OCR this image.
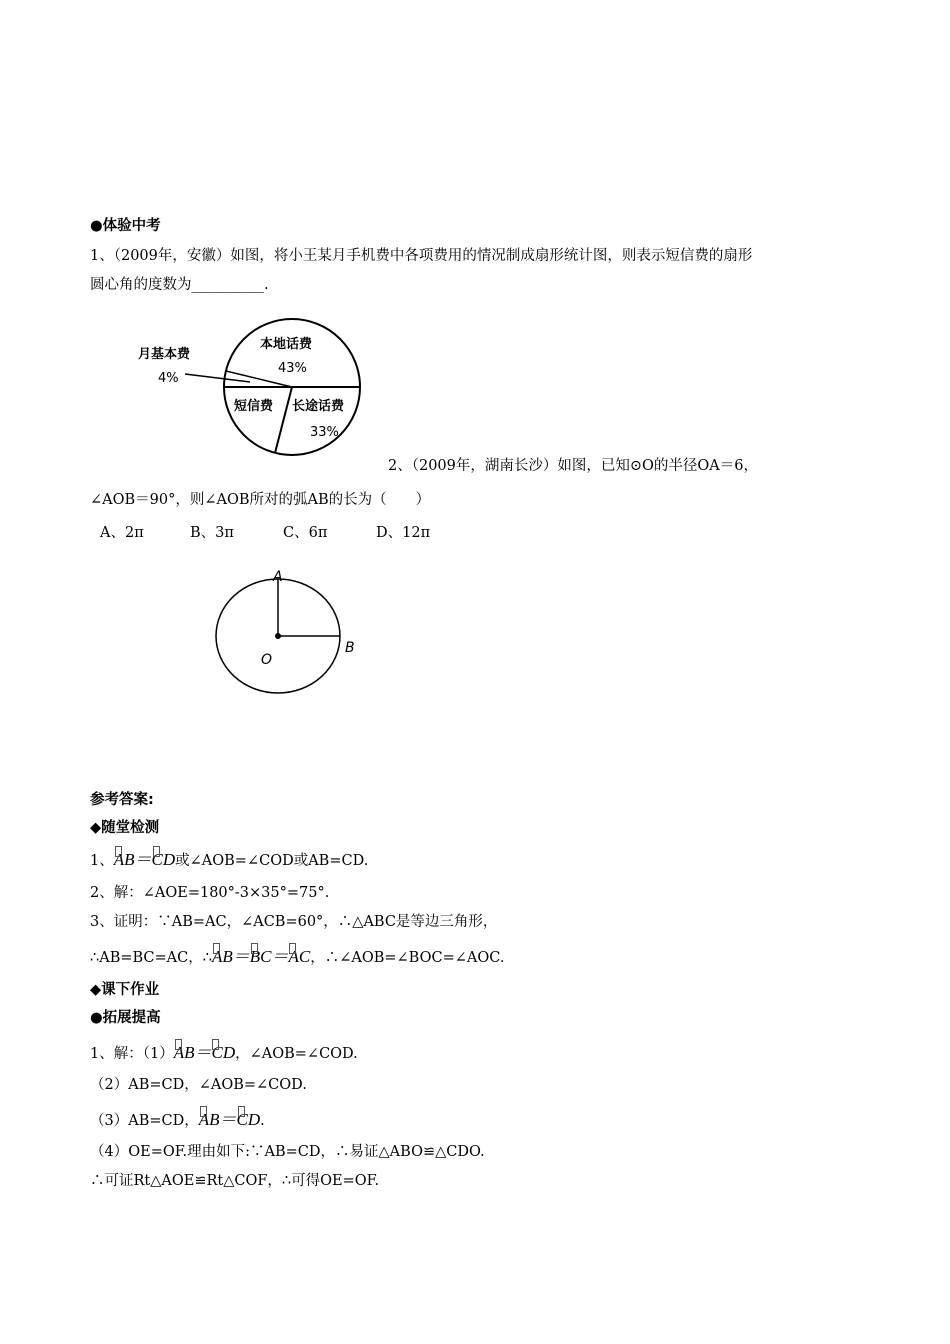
●体验中考
1、（2009年，安徽）如图，将小王某月手机费中各项费用的情况制成扇形统计图，则表示短信费的扇形
圆心角的度数为__________.
本地话费
43%
月基本费
4%
短信费 长途话费
33%
2、（2009年，湖南长沙）如图，已知⊙O的半径OA＝6，
∠AOB＝90°，则∠AOB所对的弧AB的长为（　　）
A、2π	B、3π	C、6π	D、12π
A
B
O
参考答案:
◆随堂检测
1、AB＝CD或∠AOB=∠COD或AB=CD.
2、解：∠AOE=180°-3×35°=75°.
3、证明：∵AB=AC，∠ACB=60°，∴△ABC是等边三角形，
∴AB=BC=AC，∴AB＝BC＝AC，∴∠AOB=∠BOC=∠AOC.
◆课下作业
●拓展提高
1、解：（1）AB＝CD，∠AOB=∠COD.
（2）AB=CD，∠AOB=∠COD.
（3）AB=CD，AB＝CD.
（4）OE=OF.理由如下:∵AB=CD，∴易证△ABO≌△CDO.
∴可证Rt△AOE≌Rt△COF，∴可得OE=OF.
